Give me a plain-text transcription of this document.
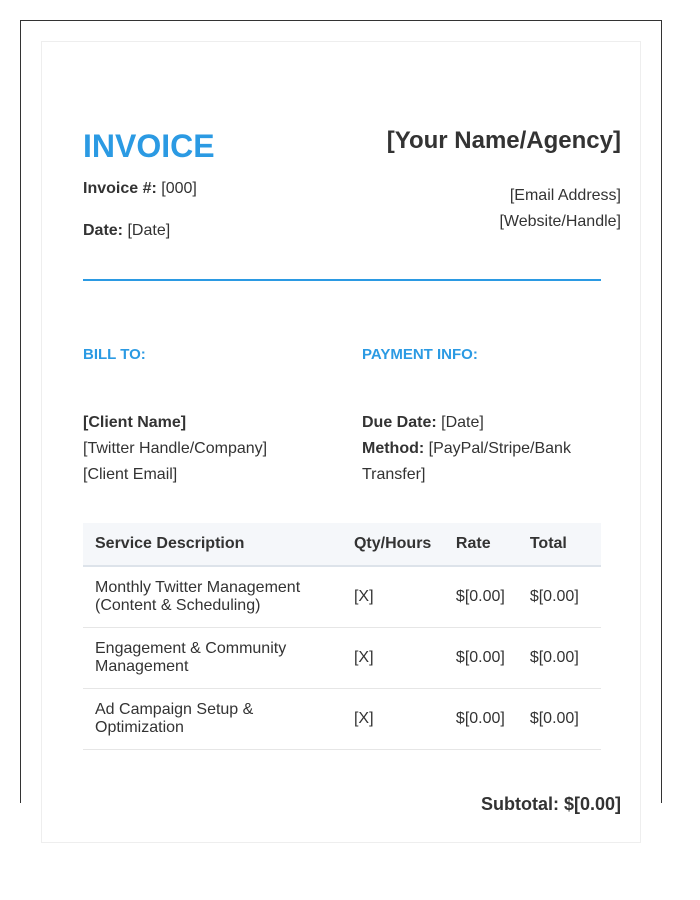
INVOICE	[Your Name/Agency]
[Email Address]
[Website/Handle]
Invoice #: [000]
Date: [Date]
BILL TO:
[Client Name]
[Twitter Handle/Company]
[Client Email]
PAYMENT INFO:
Due Date: [Date]
Method: [PayPal/Stripe/Bank Transfer]
Service Description	Qty/Hours	Rate	Total
Monthly Twitter Management (Content & Scheduling)	[X]	$[0.00]	$[0.00]
Engagement & Community Management	[X]	$[0.00]	$[0.00]
Ad Campaign Setup & Optimization	[X]	$[0.00]	$[0.00]
Subtotal: $[0.00]
